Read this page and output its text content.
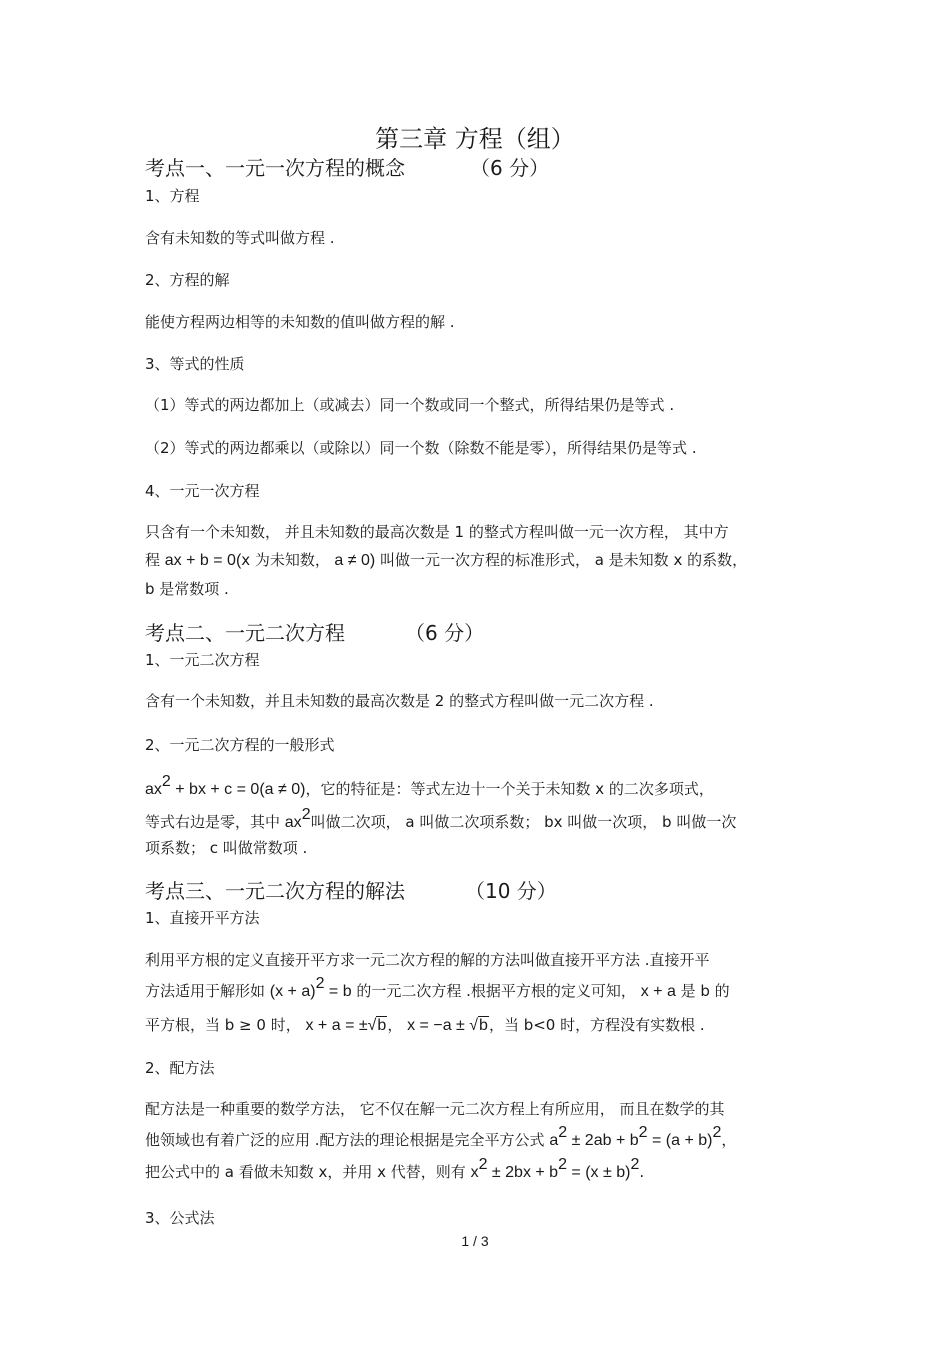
第三章 方程（组）
考点一、一元一次方程的概念	（6 分）
1、方程
含有未知数的等式叫做方程 .
2、方程的解
能使方程两边相等的未知数的值叫做方程的解 .
3、等式的性质
（1）等式的两边都加上（或减去）同一个数或同一个整式，所得结果仍是等式 .
（2）等式的两边都乘以（或除以）同一个数（除数不能是零），所得结果仍是等式 .
4、一元一次方程
只含有一个未知数， 并且未知数的最高次数是 1 的整式方程叫做一元一次方程， 其中方
程 ax + b = 0(x 为未知数， a ≠ 0) 叫做一元一次方程的标准形式， a 是未知数 x 的系数，
b 是常数项 .
考点二、一元二次方程	（6 分）
1、一元二次方程
含有一个未知数，并且未知数的最高次数是 2 的整式方程叫做一元二次方程 .
2、一元二次方程的一般形式
$ax^2$ + bx + c = 0(a ≠ 0)，它的特征是：等式左边十一个关于未知数 x 的二次多项式，
等式右边是零，其中 $ax^2$叫做二次项， a 叫做二次项系数； bx 叫做一次项， b 叫做一次
项系数； c 叫做常数项 .
考点三、一元二次方程的解法	（10 分）
1、直接开平方法
利用平方根的定义直接开平方求一元二次方程的解的方法叫做直接开平方法 .直接开平
方法适用于解形如 $(x + a)^2 = b$ 的一元二次方程 .根据平方根的定义可知， x + a 是 b 的
平方根，当 b ≥ 0 时， x + a = ±√b， x = −a ± √b，当 b<0 时，方程没有实数根 .
2、配方法
配方法是一种重要的数学方法， 它不仅在解一元二次方程上有所应用， 而且在数学的其
他领域也有着广泛的应用 .配方法的理论根据是完全平方公式 $a^2 \pm 2ab + b^2 = (a + b)^2$，
把公式中的 a 看做未知数 x，并用 x 代替，则有 $x^2 \pm 2bx + b^2 = (x \pm b)^2$.
3、公式法
1 / 3
